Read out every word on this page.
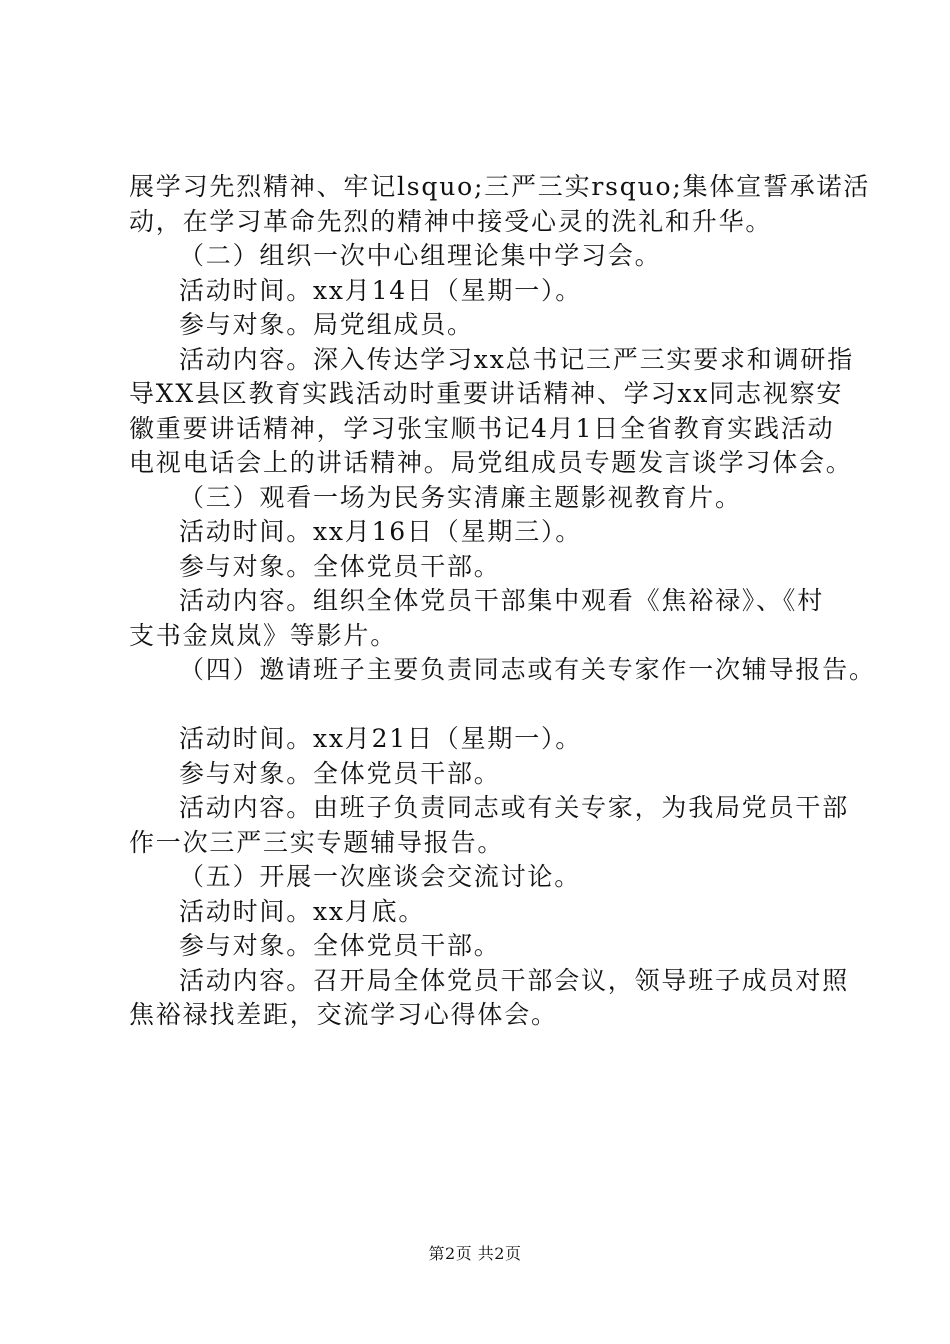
展学习先烈精神、牢记lsquo;三严三实rsquo;集体宣誓承诺活
动，在学习革命先烈的精神中接受心灵的洗礼和升华。
（二）组织一次中心组理论集中学习会。
活动时间。xx月14日（星期一）。
参与对象。局党组成员。
活动内容。深入传达学习xx总书记三严三实要求和调研指
导XX县区教育实践活动时重要讲话精神、学习xx同志视察安
徽重要讲话精神，学习张宝顺书记4月1日全省教育实践活动
电视电话会上的讲话精神。局党组成员专题发言谈学习体会。
（三）观看一场为民务实清廉主题影视教育片。
活动时间。xx月16日（星期三）。
参与对象。全体党员干部。
活动内容。组织全体党员干部集中观看《焦裕禄》、《村
支书金岚岚》等影片。
（四）邀请班子主要负责同志或有关专家作一次辅导报告。
活动时间。xx月21日（星期一）。
参与对象。全体党员干部。
活动内容。由班子负责同志或有关专家，为我局党员干部
作一次三严三实专题辅导报告。
（五）开展一次座谈会交流讨论。
活动时间。xx月底。
参与对象。全体党员干部。
活动内容。召开局全体党员干部会议，领导班子成员对照
焦裕禄找差距，交流学习心得体会。
第2页 共2页
